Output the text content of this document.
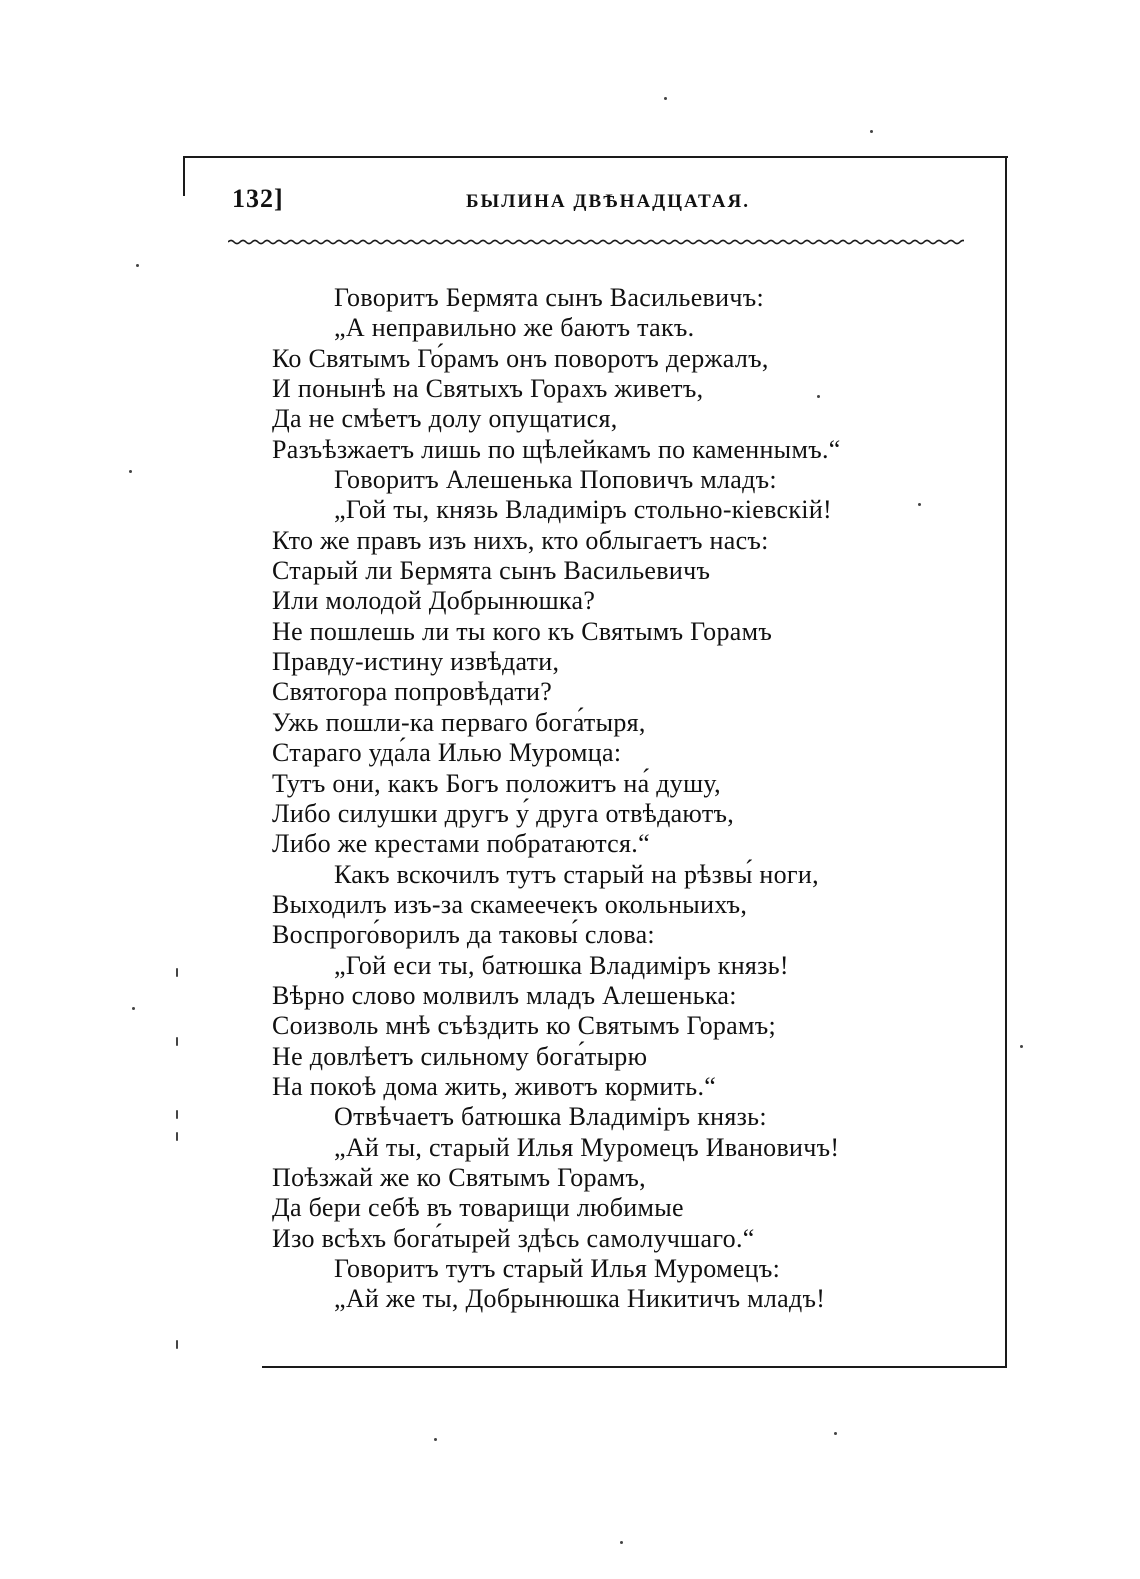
132]	БЫЛИНА ДВѢНАДЦАТАЯ.
Говоритъ Бермята сынъ Васильевичъ:
„А неправильно же баютъ такъ.
Ко Святымъ Го́рамъ онъ поворотъ держалъ,
И понынѣ на Святыхъ Горахъ живетъ,
Да не смѣетъ долу опущатися,
Разъѣзжаетъ лишь по щѣлейкамъ по каменнымъ.“
Говоритъ Алешенька Поповичъ младъ:
„Гой ты, князь Владиміръ стольно-кіевскій!
Кто же правъ изъ нихъ, кто облыгаетъ насъ:
Старый ли Бермята сынъ Васильевичъ
Или молодой Добрынюшка?
Не пошлешь ли ты кого къ Святымъ Горамъ
Правду-истину извѣдати,
Святогора попровѣдати?
Ужь пошли-ка перваго бога́тыря,
Стараго уда́ла Илью Муромца:
Тутъ они, какъ Богъ положитъ на́ душу,
Либо силушки другъ у́ друга отвѣдаютъ,
Либо же крестами побратаются.“
Какъ вскочилъ тутъ старый на рѣзвы́ ноги,
Выходилъ изъ-за скамеечекъ окольныихъ,
Воспрого́ворилъ да таковы́ слова:
„Гой еси ты, батюшка Владиміръ князь!
Вѣрно слово молвилъ младъ Алешенька:
Соизволь мнѣ съѣздить ко Святымъ Горамъ;
Не довлѣетъ сильному бога́тырю
На покоѣ дома жить, животъ кормить.“
Отвѣчаетъ батюшка Владиміръ князь:
„Ай ты, старый Илья Муромецъ Ивановичъ!
Поѣзжай же ко Святымъ Горамъ,
Да бери себѣ въ товарищи любимые
Изо всѣхъ бога́тырей здѣсь самолучшаго.“
Говоритъ тутъ старый Илья Муромецъ:
„Ай же ты, Добрынюшка Никитичъ младъ!
